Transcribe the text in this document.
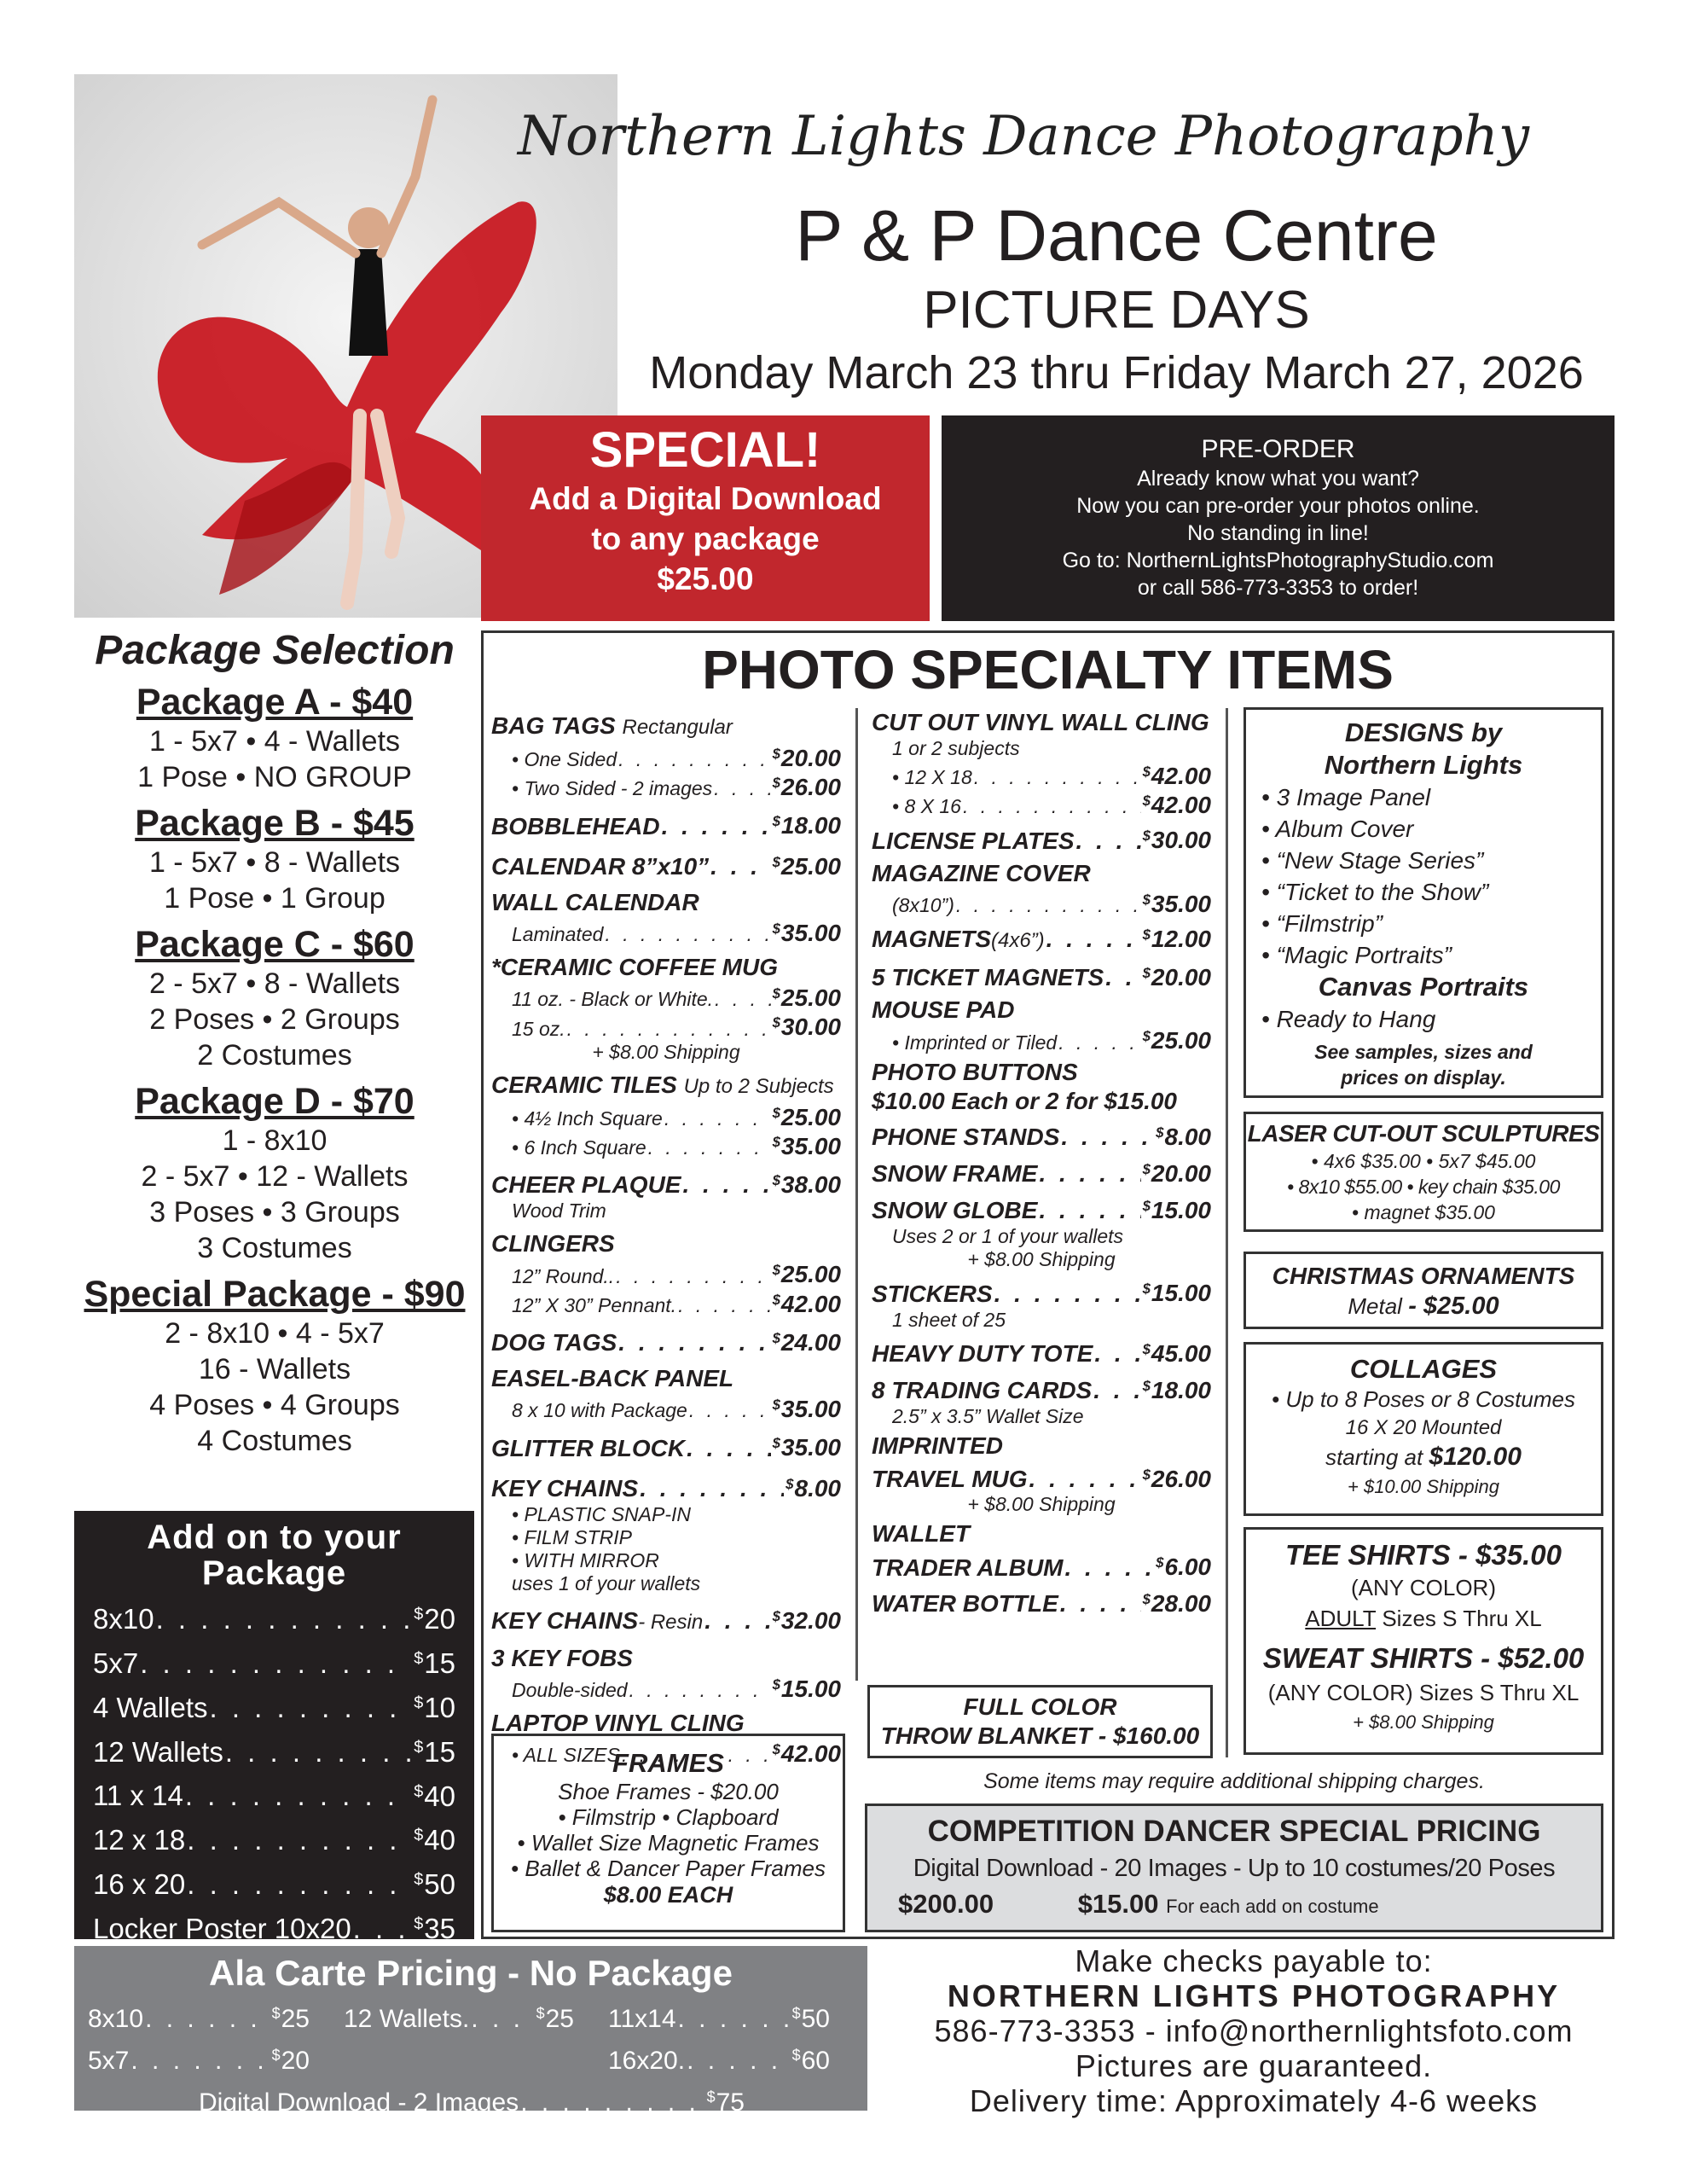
Northern Lights Dance Photography
P & P Dance Centre
PICTURE DAYS
Monday March 23 thru Friday March 27, 2026
SPECIAL!
Add a Digital Download
to any package
$25.00
PRE-ORDER
Already know what you want?
Now you can pre-order your photos online.
No standing in line!
Go to: NorthernLightsPhotographyStudio.com
or call 586-773-3353 to order!
Package Selection
Package A - $40
1 - 5x7 • 4 - Wallets
1 Pose • NO GROUP
Package B - $45
1 - 5x7 • 8 - Wallets
1 Pose • 1 Group
Package C - $60
2 - 5x7 • 8 - Wallets
2 Poses • 2 Groups
2 Costumes
Package D - $70
1 - 8x10
2 - 5x7 • 12 - Wallets
3 Poses • 3 Groups
3 Costumes
Special Package - $90
2 - 8x10 • 4 - 5x7
16 - Wallets
4 Poses • 4 Groups
4 Costumes
Add on to your Package
8x10 . . .	$ 20
5x7 . . .	$ 15
4 Wallets . . .	$ 10
12 Wallets . . .	$ 15
11 x 14 . . .	$ 40
12 x 18 . . .	$ 40
16 x 20 . . .	$ 50
Locker Poster 10x20 . . .	$ 35
PHOTO SPECIALTY ITEMS
BAG TAGS Rectangular
• One Sided . . .	$ 20.00
• Two Sided - 2 images . . .	$ 26.00
BOBBLEHEAD . . .	$ 18.00
CALENDAR 8”x10” . . .	$ 25.00
WALL CALENDAR
Laminated . . .	$ 35.00
*CERAMIC COFFEE MUG
11 oz. - Black or White. . . .	$ 25.00
15 oz. . . .	$ 30.00
+ $8.00 Shipping
CERAMIC TILES Up to 2 Subjects
• 4½ Inch Square . . .	$ 25.00
• 6 Inch Square . . .	$ 35.00
CHEER PLAQUE . . .	$ 38.00
Wood Trim
CLINGERS
12” Round.. . . .	$ 25.00
12” X 30” Pennant. . . .	$ 42.00
DOG TAGS . . .	$ 24.00
EASEL-BACK PANEL
8 x 10 with Package . . .	$ 35.00
GLITTER BLOCK . . .	$ 35.00
KEY CHAINS . . .	$ 8.00
• PLASTIC SNAP-IN
• FILM STRIP
• WITH MIRROR
uses 1 of your wallets
KEY CHAINS - Resin . . .	$ 32.00
3 KEY FOBS
Double-sided . . .	$ 15.00
LAPTOP VINYL CLING
• ALL SIZES . . .	$ 42.00
CUT OUT VINYL WALL CLING
1 or 2 subjects
• 12 X 18 . . .	$ 42.00
• 8 X 16 . . .	$ 42.00
LICENSE PLATES . . .	$ 30.00
MAGAZINE COVER
(8x10”) . . .	$ 35.00
MAGNETS (4x6”) . . .	$ 12.00
5 TICKET MAGNETS . . .	$ 20.00
MOUSE PAD
• Imprinted or Tiled . . .	$ 25.00
PHOTO BUTTONS
$10.00 Each or 2 for $15.00
PHONE STANDS . . .	$ 8.00
SNOW FRAME . . .	$ 20.00
SNOW GLOBE . . .	$ 15.00
Uses 2 or 1 of your wallets
+ $8.00 Shipping
STICKERS . . .	$ 15.00
1 sheet of 25
HEAVY DUTY TOTE . . .	$ 45.00
8 TRADING CARDS . . .	$ 18.00
2.5” x 3.5” Wallet Size
IMPRINTED
TRAVEL MUG . . .	$ 26.00
+ $8.00 Shipping
WALLET
TRADER ALBUM . . .	$ 6.00
WATER BOTTLE . . .	$ 28.00
FULL COLOR
THROW BLANKET - $160.00
FRAMES
Shoe Frames - $20.00
• Filmstrip • Clapboard
• Wallet Size Magnetic Frames
• Ballet & Dancer Paper Frames
$8.00 EACH
DESIGNS by
Northern Lights
• 3 Image Panel
• Album Cover
• “New Stage Series”
• “Ticket to the Show”
• “Filmstrip”
• “Magic Portraits”
Canvas Portraits
• Ready to Hang
See samples, sizes and
prices on display.
LASER CUT-OUT SCULPTURES
• 4x6 $35.00 • 5x7 $45.00
• 8x10 $55.00 • key chain $35.00
• magnet $35.00
CHRISTMAS ORNAMENTS
Metal - $25.00
COLLAGES
• Up to 8 Poses or 8 Costumes
16 X 20 Mounted
starting at $120.00
+ $10.00 Shipping
TEE SHIRTS - $35.00
(ANY COLOR)
ADULT Sizes S Thru XL
SWEAT SHIRTS - $52.00
(ANY COLOR) Sizes S Thru XL
+ $8.00 Shipping
Some items may require additional shipping charges.
COMPETITION DANCER SPECIAL PRICING
Digital Download - 20 Images - Up to 10 costumes/20 Poses
$200.00	$15.00 For each add on costume
Ala Carte Pricing - No Package
8x10 . . .	$ 25 12 Wallets. . . .	$ 25 11x14 . . .	$ 50
5x7 . . .	$ 20	16x20. . . .	$ 60
Digital Download - 2 Images . . .	$ 75
Make checks payable to:
NORTHERN LIGHTS PHOTOGRAPHY
586-773-3353 - info@northernlightsfoto.com
Pictures are guaranteed.
Delivery time: Approximately 4-6 weeks
